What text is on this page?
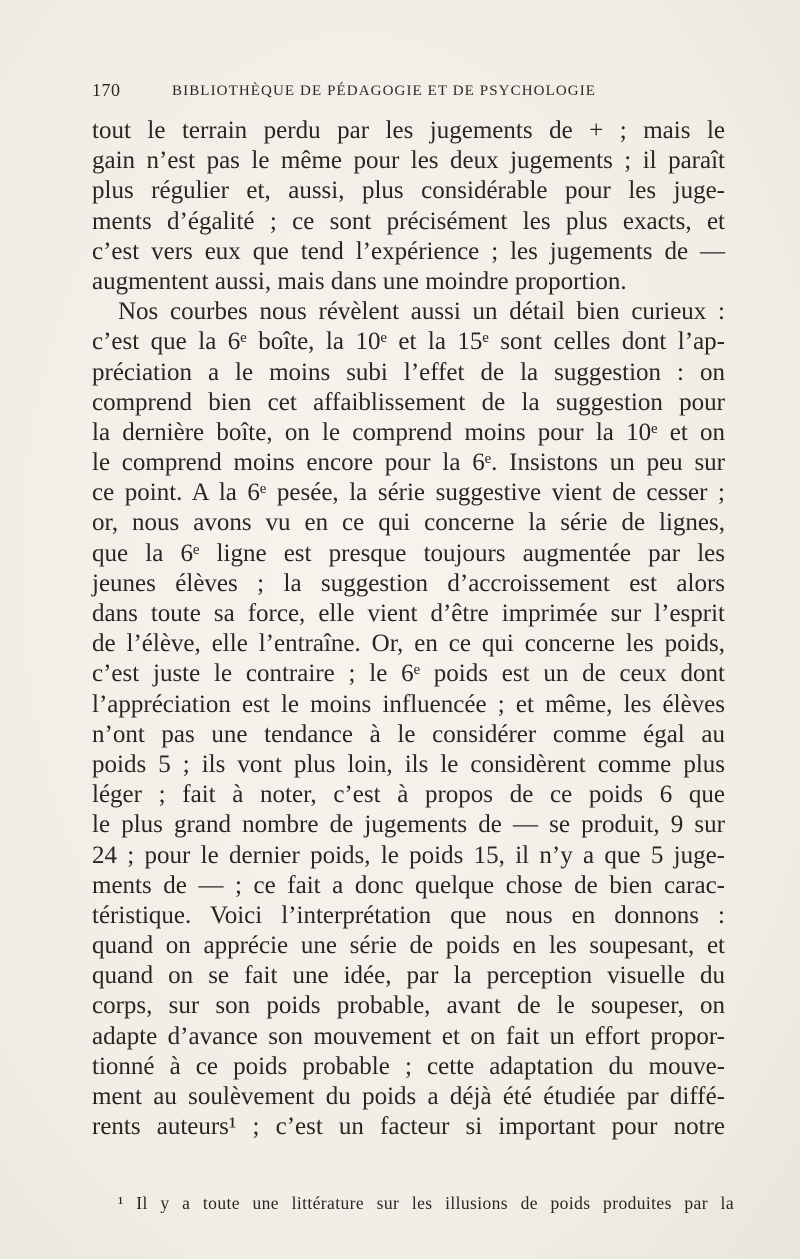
170	BIBLIOTHÈQUE DE PÉDAGOGIE ET DE PSYCHOLOGIE
tout le terrain perdu par les jugements de + ; mais le
gain n’est pas le même pour les deux jugements ; il paraît
plus régulier et, aussi, plus considérable pour les juge-
ments d’égalité ; ce sont précisément les plus exacts, et
c’est vers eux que tend l’expérience ; les jugements de —
augmentent aussi, mais dans une moindre proportion.
Nos courbes nous révèlent aussi un détail bien curieux :
c’est que la 6ᵉ boîte, la 10ᵉ et la 15ᵉ sont celles dont l’ap-
préciation a le moins subi l’effet de la suggestion : on
comprend bien cet affaiblissement de la suggestion pour
la dernière boîte, on le comprend moins pour la 10ᵉ et on
le comprend moins encore pour la 6ᵉ. Insistons un peu sur
ce point. A la 6ᵉ pesée, la série suggestive vient de cesser ;
or, nous avons vu en ce qui concerne la série de lignes,
que la 6ᵉ ligne est presque toujours augmentée par les
jeunes élèves ; la suggestion d’accroissement est alors
dans toute sa force, elle vient d’être imprimée sur l’esprit
de l’élève, elle l’entraîne. Or, en ce qui concerne les poids,
c’est juste le contraire ; le 6ᵉ poids est un de ceux dont
l’appréciation est le moins influencée ; et même, les élèves
n’ont pas une tendance à le considérer comme égal au
poids 5 ; ils vont plus loin, ils le considèrent comme plus
léger ; fait à noter, c’est à propos de ce poids 6 que
le plus grand nombre de jugements de — se produit, 9 sur
24 ; pour le dernier poids, le poids 15, il n’y a que 5 juge-
ments de — ; ce fait a donc quelque chose de bien carac-
téristique. Voici l’interprétation que nous en donnons :
quand on apprécie une série de poids en les soupesant, et
quand on se fait une idée, par la perception visuelle du
corps, sur son poids probable, avant de le soupeser, on
adapte d’avance son mouvement et on fait un effort propor-
tionné à ce poids probable ; cette adaptation du mouve-
ment au soulèvement du poids a déjà été étudiée par diffé-
rents auteurs¹ ; c’est un facteur si important pour notre
¹ Il y a toute une littérature sur les illusions de poids produites par la
